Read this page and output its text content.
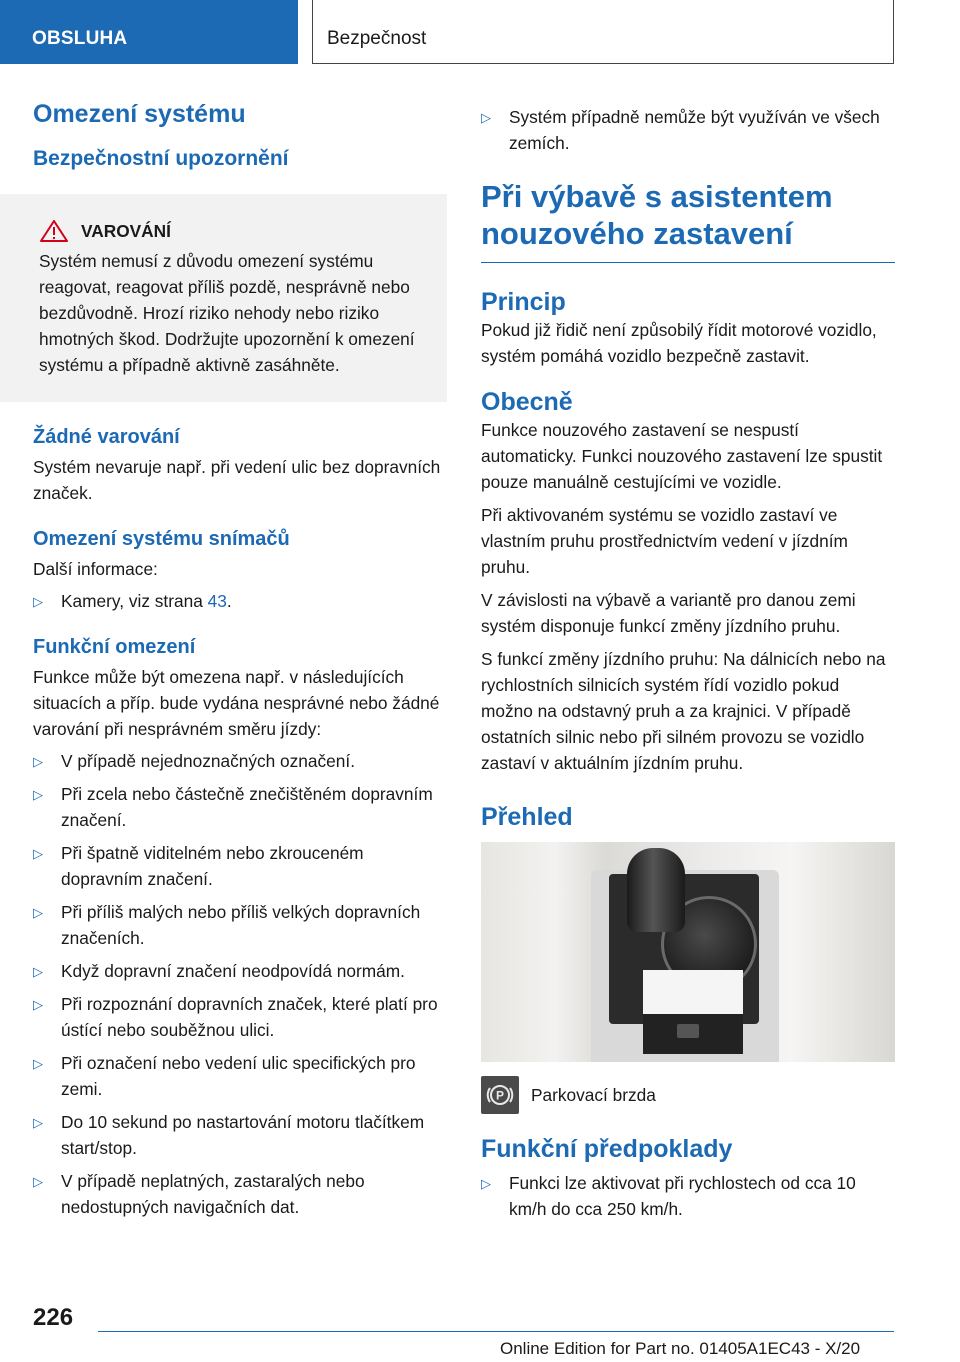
OBSLUHA	Bezpečnost
Omezení systému
Bezpečnostní upozornění
VAROVÁNÍ

Systém nemusí z důvodu omezení systému reagovat, reagovat příliš pozdě, nesprávně nebo bezdůvodně. Hrozí riziko nehody nebo riziko hmotných škod. Dodržujte upozornění k omezení systému a případně aktivně zasáhněte.

Žádné varování

Systém nevaruje např. při vedení ulic bez dopravních značek.

Omezení systému snímačů

Další informace:

▷ Kamery, viz strana 43.
Funkční omezení

Funkce může být omezena např. v následujících situacích a příp. bude vydána nesprávné nebo žádné varování při nesprávném směru jízdy:

▷ V případě nejednoznačných označení.
▷ Při zcela nebo částečně znečištěném dopravním značení.
▷ Při špatně viditelném nebo zkrouceném dopravním značení.
▷ Při příliš malých nebo příliš velkých dopravních značeních.
▷ Když dopravní značení neodpovídá normám.
▷ Při rozpoznání dopravních značek, které platí pro ústící nebo souběžnou ulici.
▷ Při označení nebo vedení ulic specifických pro zemi.
▷ Do 10 sekund po nastartování motoru tlačítkem start/stop.
▷ V případě neplatných, zastaralých nebo nedostupných navigačních dat.
▷ Systém případně nemůže být využíván ve všech zemích.
Při výbavě s asistentem nouzového zastavení
Princip

Pokud již řidič není způsobilý řídit motorové vozidlo, systém pomáhá vozidlo bezpečně zastavit.

Obecně

Funkce nouzového zastavení se nespustí automaticky. Funkci nouzového zastavení lze spustit pouze manuálně cestujícími ve vozidle.

Při aktivovaném systému se vozidlo zastaví ve vlastním pruhu prostřednictvím vedení v jízdním pruhu.

V závislosti na výbavě a variantě pro danou zemi systém disponuje funkcí změny jízdního pruhu.

S funkcí změny jízdního pruhu: Na dálnicích nebo na rychlostních silnicích systém řídí vozidlo pokud možno na odstavný pruh a za krajnici. V případě ostatních silnic nebo při silném provozu se vozidlo zastaví v aktuálním jízdním pruhu.

Přehled
P Parkovací brzda

Funkční předpoklady
▷ Funkci lze aktivovat při rychlostech od cca 10 km/h do cca 250 km/h.
226
Online Edition for Part no. 01405A1EC43 - X/20
